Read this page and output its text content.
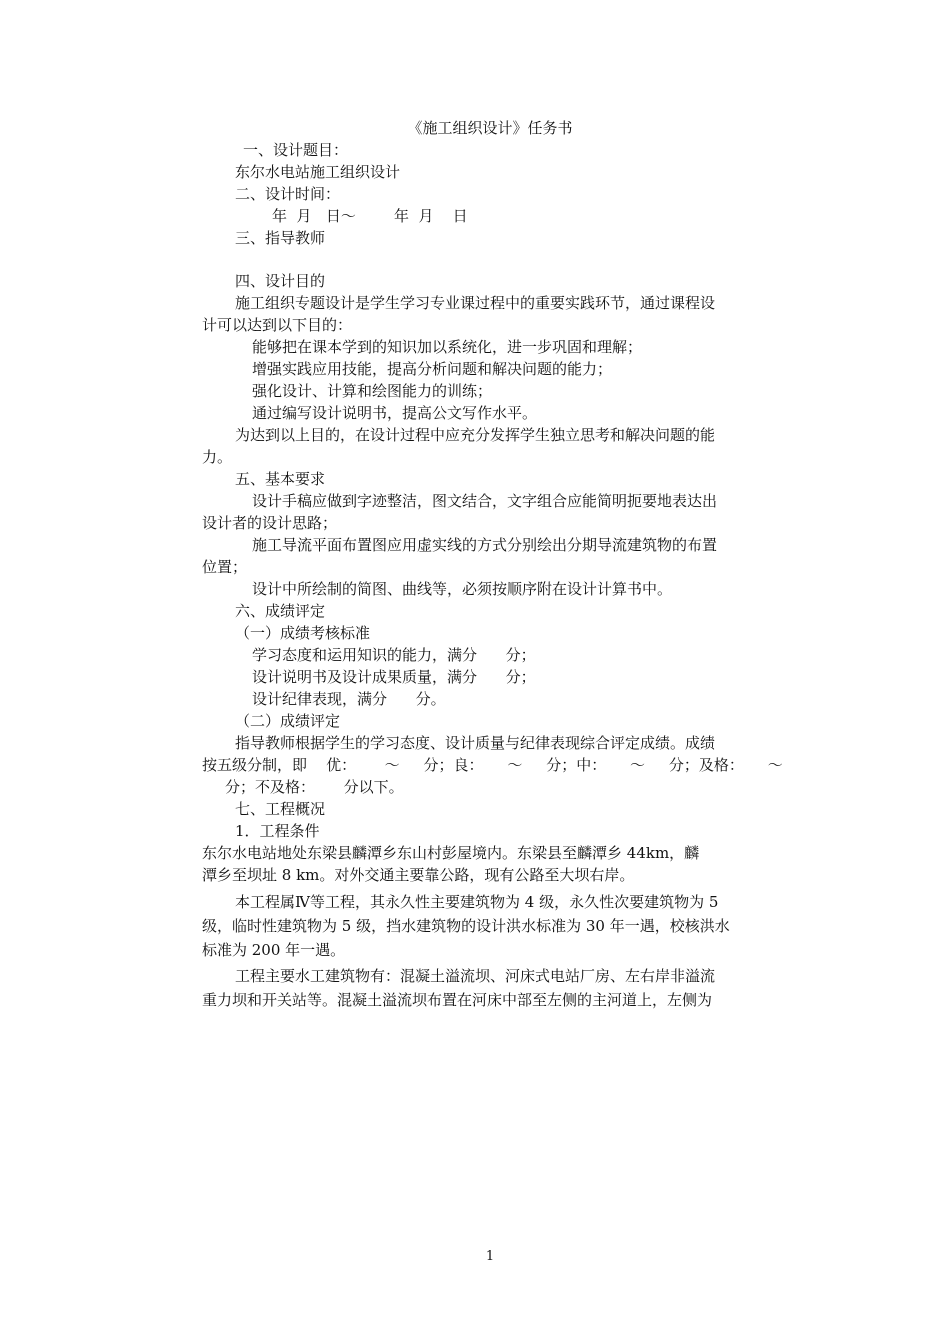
《施工组织设计》任务书
一、设计题目：
东尔水电站施工组织设计
二、设计时间：
年  月   日～        年  月    日
三、指导教师
四、设计目的
施工组织专题设计是学生学习专业课过程中的重要实践环节，通过课程设
计可以达到以下目的：
能够把在课本学到的知识加以系统化，进一步巩固和理解；
增强实践应用技能，提高分析问题和解决问题的能力；
强化设计、计算和绘图能力的训练；
通过编写设计说明书，提高公文写作水平。
为达到以上目的，在设计过程中应充分发挥学生独立思考和解决问题的能
力。
五、基本要求
设计手稿应做到字迹整洁，图文结合，文字组合应能简明扼要地表达出
设计者的设计思路；
施工导流平面布置图应用虚实线的方式分别绘出分期导流建筑物的布置
位置；
设计中所绘制的简图、曲线等，必须按顺序附在设计计算书中。
六、成绩评定
（一）成绩考核标准
学习态度和运用知识的能力，满分      分；
设计说明书及设计成果质量，满分      分；
设计纪律表现，满分      分。
（二）成绩评定
指导教师根据学生的学习态度、设计质量与纪律表现综合评定成绩。成绩
按五级分制，即    优：      ～     分；良：     ～     分；中：     ～     分；及格：     ～
分；不及格：      分以下。
七、工程概况
1．工程条件
东尔水电站地处东梁县麟潭乡东山村彭屋境内。东梁县至麟潭乡 44km，麟
潭乡至坝址 8 km。对外交通主要靠公路，现有公路至大坝右岸。
本工程属Ⅳ等工程，其永久性主要建筑物为 4 级，永久性次要建筑物为 5
级，临时性建筑物为 5 级，挡水建筑物的设计洪水标准为 30 年一遇，校核洪水
标准为 200 年一遇。
工程主要水工建筑物有：混凝土溢流坝、河床式电站厂房、左右岸非溢流
重力坝和开关站等。混凝土溢流坝布置在河床中部至左侧的主河道上，左侧为
1
